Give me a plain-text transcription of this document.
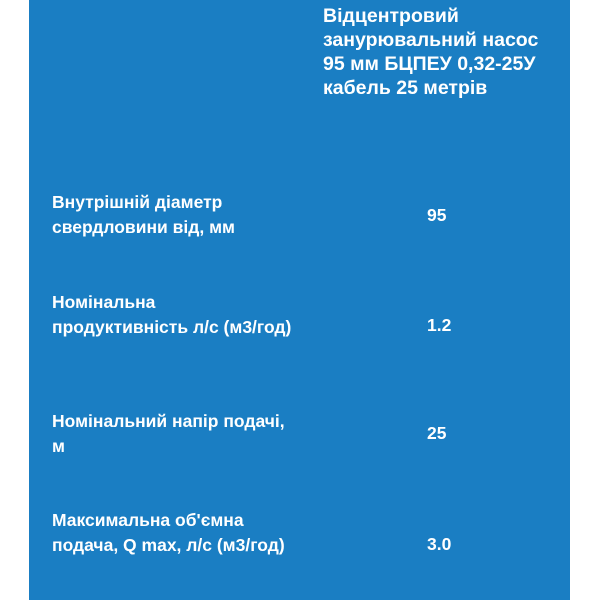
Відцентровий занурювальний насос 95 мм БЦПЕУ 0,32-25У кабель 25 метрів
Внутрішній діаметр свердловини від, мм
95
Номінальна продуктивність л/с (м3/год)	1.2
Номінальний напір подачі, м
25
Максимальна об'ємна подача, Q max, л/с (м3/год)	3.0
